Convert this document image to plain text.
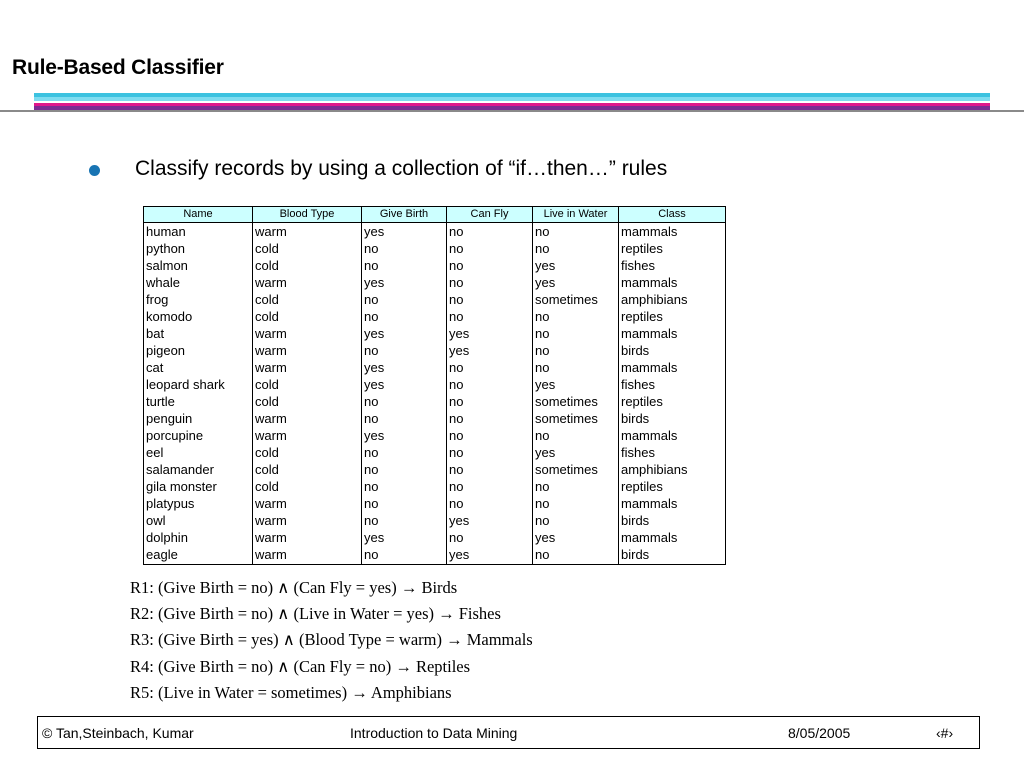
Rule-Based Classifier

Classify records by using a collection of “if…then…” rules

Name	Blood Type	Give Birth	Can Fly	Live in Water	Class
human	warm	yes	no	no	mammals
python	cold	no	no	no	reptiles
salmon	cold	no	no	yes	fishes
whale	warm	yes	no	yes	mammals
frog	cold	no	no	sometimes	amphibians
komodo	cold	no	no	no	reptiles
bat	warm	yes	yes	no	mammals
pigeon	warm	no	yes	no	birds
cat	warm	yes	no	no	mammals
leopard shark	cold	yes	no	yes	fishes
turtle	cold	no	no	sometimes	reptiles
penguin	warm	no	no	sometimes	birds
porcupine	warm	yes	no	no	mammals
eel	cold	no	no	yes	fishes
salamander	cold	no	no	sometimes	amphibians
gila monster	cold	no	no	no	reptiles
platypus	warm	no	no	no	mammals
owl	warm	no	yes	no	birds
dolphin	warm	yes	no	yes	mammals
eagle	warm	no	yes	no	birds
R1: (Give Birth = no) ∧ (Can Fly = yes) → Birds
R2: (Give Birth = no) ∧ (Live in Water = yes) → Fishes
R3: (Give Birth = yes) ∧ (Blood Type = warm) → Mammals
R4: (Give Birth = no) ∧ (Can Fly = no) → Reptiles
R5: (Live in Water = sometimes) → Amphibians
© Tan,Steinbach, Kumar	Introduction to Data Mining	8/05/2005	‹#›
